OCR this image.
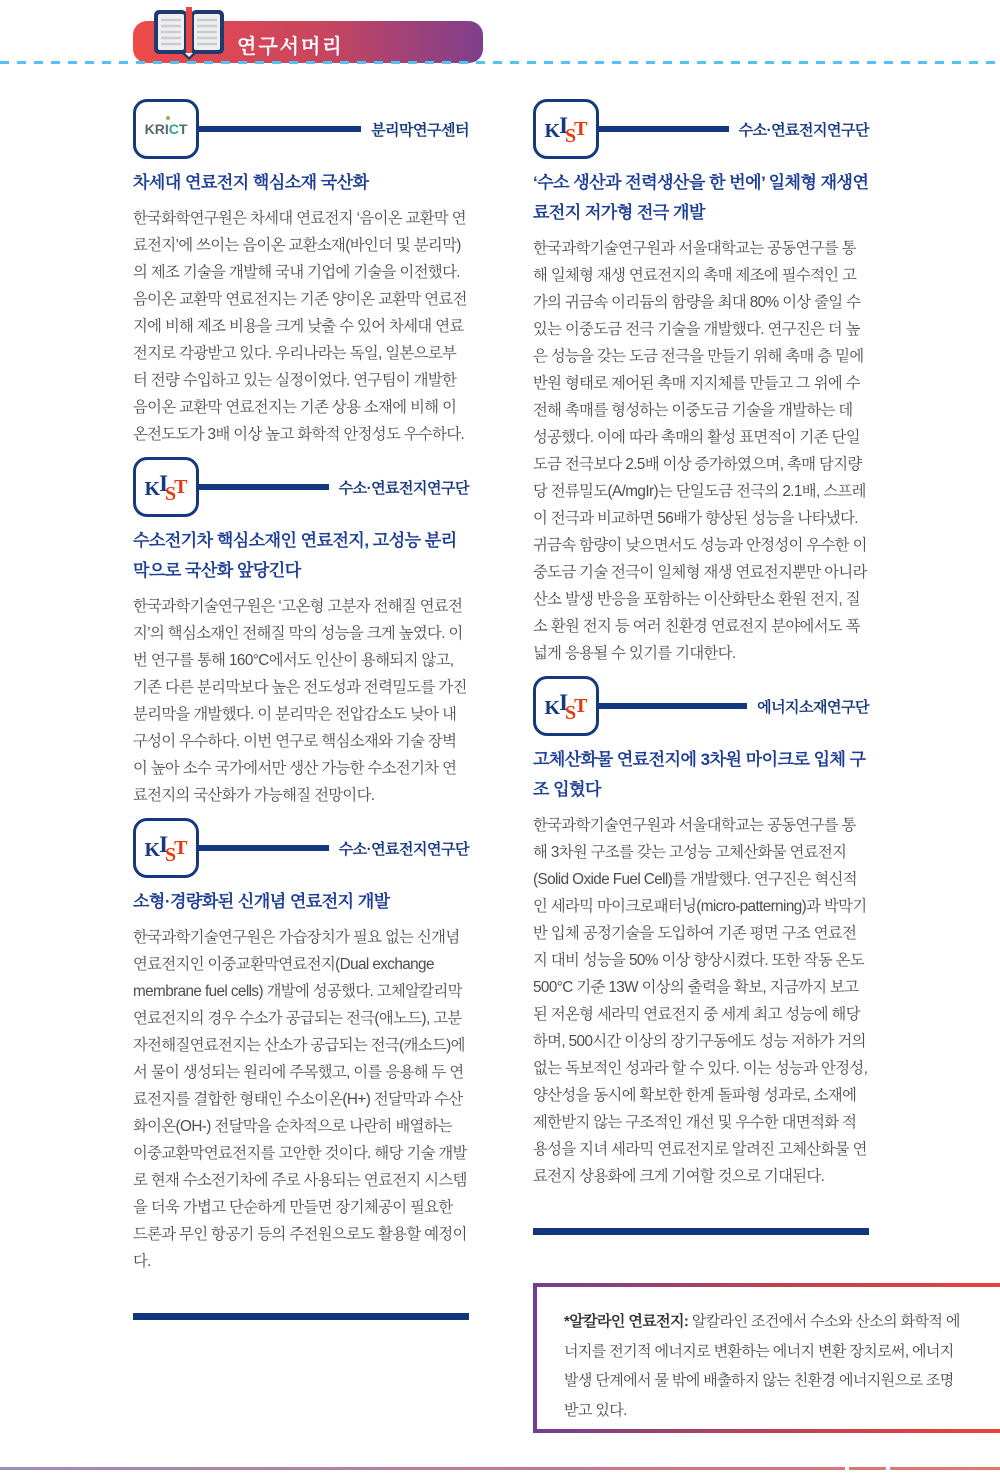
연구서머리
KRICT	분리막연구센터
차세대 연료전지 핵심소재 국산화
한국화학연구원은 차세대 연료전지 ‘음이온 교환막 연료전지’에 쓰이는 음이온 교환소재(바인더 및 분리막)의 제조 기술을 개발해 국내 기업에 기술을 이전했다. 음이온 교환막 연료전지는 기존 양이온 교환막 연료전지에 비해 제조 비용을 크게 낮출 수 있어 차세대 연료전지로 각광받고 있다. 우리나라는 독일, 일본으로부터 전량 수입하고 있는 실정이었다. 연구팀이 개발한 음이온 교환막 연료전지는 기존 상용 소재에 비해 이온전도도가 3배 이상 높고 화학적 안정성도 우수하다.
KIST	수소·연료전지연구단
수소전기차 핵심소재인 연료전지, 고성능 분리막으로 국산화 앞당긴다
한국과학기술연구원은 ‘고온형 고분자 전해질 연료전지’의 핵심소재인 전해질 막의 성능을 크게 높였다. 이번 연구를 통해 160°C에서도 인산이 용해되지 않고, 기존 다른 분리막보다 높은 전도성과 전력밀도를 가진 분리막을 개발했다. 이 분리막은 전압감소도 낮아 내구성이 우수하다. 이번 연구로 핵심소재와 기술 장벽이 높아 소수 국가에서만 생산 가능한 수소전기차 연료전지의 국산화가 가능해질 전망이다.
KIST	수소·연료전지연구단
소형·경량화된 신개념 연료전지 개발
한국과학기술연구원은 가습장치가 필요 없는 신개념 연료전지인 이중교환막연료전지(Dual exchange membrane fuel cells) 개발에 성공했다. 고체알칼리막연료전지의 경우 수소가 공급되는 전극(애노드), 고분자전해질연료전지는 산소가 공급되는 전극(캐소드)에서 물이 생성되는 원리에 주목했고, 이를 응용해 두 연료전지를 결합한 형태인 수소이온(H+) 전달막과 수산화이온(OH-) 전달막을 순차적으로 나란히 배열하는 이중교환막연료전지를 고안한 것이다. 해당 기술 개발로 현재 수소전기차에 주로 사용되는 연료전지 시스템을 더욱 가볍고 단순하게 만들면 장기체공이 필요한 드론과 무인 항공기 등의 주전원으로도 활용할 예정이다.
KIST	수소·연료전지연구단
‘수소 생산과 전력생산을 한 번에’ 일체형 재생연료전지 저가형 전극 개발
한국과학기술연구원과 서울대학교는 공동연구를 통해 일체형 재생 연료전지의 촉매 제조에 필수적인 고가의 귀금속 이리듐의 함량을 최대 80% 이상 줄일 수 있는 이중도금 전극 기술을 개발했다. 연구진은 더 높은 성능을 갖는 도금 전극을 만들기 위해 촉매 층 밑에 반원 형태로 제어된 촉매 지지체를 만들고 그 위에 수전해 촉매를 형성하는 이중도금 기술을 개발하는 데 성공했다. 이에 따라 촉매의 활성 표면적이 기존 단일도금 전극보다 2.5배 이상 증가하였으며, 촉매 담지량 당 전류밀도(A/mgIr)는 단일도금 전극의 2.1배, 스프레이 전극과 비교하면 56배가 향상된 성능을 나타냈다. 귀금속 함량이 낮으면서도 성능과 안정성이 우수한 이중도금 기술 전극이 일체형 재생 연료전지뿐만 아니라 산소 발생 반응을 포함하는 이산화탄소 환원 전지, 질소 환원 전지 등 여러 친환경 연료전지 분야에서도 폭넓게 응용될 수 있기를 기대한다.
KIST	에너지소재연구단
고체산화물 연료전지에 3차원 마이크로 입체 구조 입혔다
한국과학기술연구원과 서울대학교는 공동연구를 통해 3차원 구조를 갖는 고성능 고체산화물 연료전지(Solid Oxide Fuel Cell)를 개발했다. 연구진은 혁신적인 세라믹 마이크로패터닝(micro-patterning)과 박막기반 입체 공정기술을 도입하여 기존 평면 구조 연료전지 대비 성능을 50% 이상 향상시켰다. 또한 작동 온도 500°C 기준 13W 이상의 출력을 확보, 지금까지 보고된 저온형 세라믹 연료전지 중 세계 최고 성능에 해당하며, 500시간 이상의 장기구동에도 성능 저하가 거의 없는 독보적인 성과라 할 수 있다. 이는 성능과 안정성, 양산성을 동시에 확보한 한계 돌파형 성과로, 소재에 제한받지 않는 구조적인 개선 및 우수한 대면적화 적용성을 지녀 세라믹 연료전지로 알려진 고체산화물 연료전지 상용화에 크게 기여할 것으로 기대된다.
*알칼라인 연료전지: 알칼라인 조건에서 수소와 산소의 화학적 에너지를 전기적 에너지로 변환하는 에너지 변환 장치로써, 에너지 발생 단계에서 물 밖에 배출하지 않는 친환경 에너지원으로 조명 받고 있다.
